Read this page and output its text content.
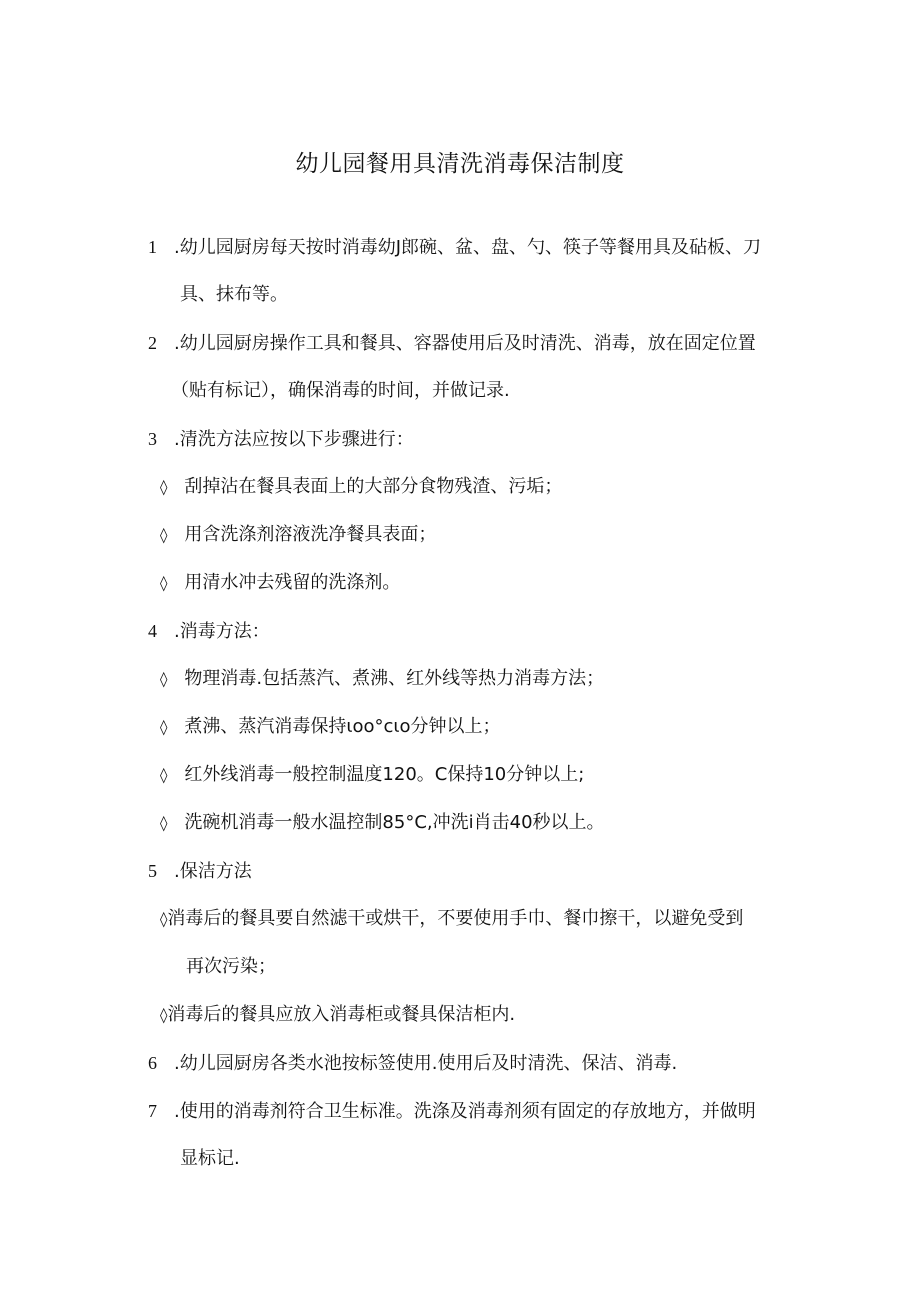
幼儿园餐用具清洗消毒保洁制度
1 .幼儿园厨房每天按时消毒幼J郎碗、盆、盘、勺、筷子等餐用具及砧板、刀
具、抹布等。
2 .幼儿园厨房操作工具和餐具、容器使用后及时清洗、消毒，放在固定位置
（贴有标记），确保消毒的时间，并做记录.
3 .清洗方法应按以下步骤进行：
◊ 刮掉沾在餐具表面上的大部分食物残渣、污垢；
◊ 用含洗涤剂溶液洗净餐具表面；
◊ 用清水冲去残留的洗涤剂。
4 .消毒方法：
◊ 物理消毒.包括蒸汽、煮沸、红外线等热力消毒方法；
◊ 煮沸、蒸汽消毒保持ιoo°cιo分钟以上；
◊ 红外线消毒一般控制温度120。C保持10分钟以上;
◊ 洗碗机消毒一般水温控制85°C,冲洗i肖击40秒以上。
5 .保洁方法
◊消毒后的餐具要自然滤干或烘干，不要使用手巾、餐巾擦干，以避免受到
再次污染；
◊消毒后的餐具应放入消毒柜或餐具保洁柜内.
6 .幼儿园厨房各类水池按标签使用.使用后及时清洗、保洁、消毒.
7 .使用的消毒剂符合卫生标准。洗涤及消毒剂须有固定的存放地方，并做明
显标记.
